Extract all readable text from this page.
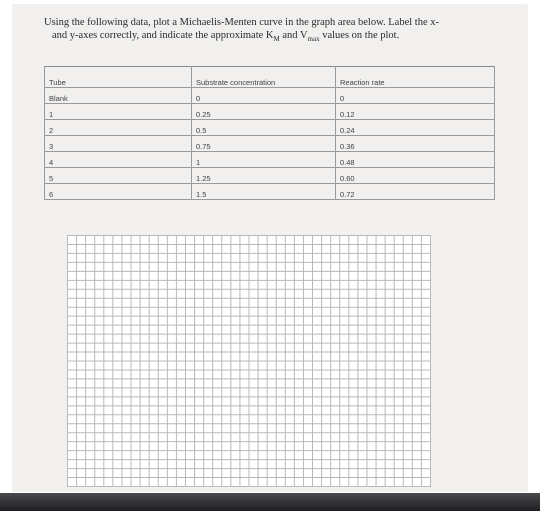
Using the following data, plot a Michaelis-Menten curve in the graph area below. Label the x-
and y-axes correctly, and indicate the approximate $K_M$ and $V_{max}$ values on the plot.
Tube	Substrate concentration	Reaction rate
Blank	0	0
1	0.25	0.12
2	0.5	0.24
3	0.75	0.36
4	1	0.48
5	1.25	0.60
6	1.5	0.72
